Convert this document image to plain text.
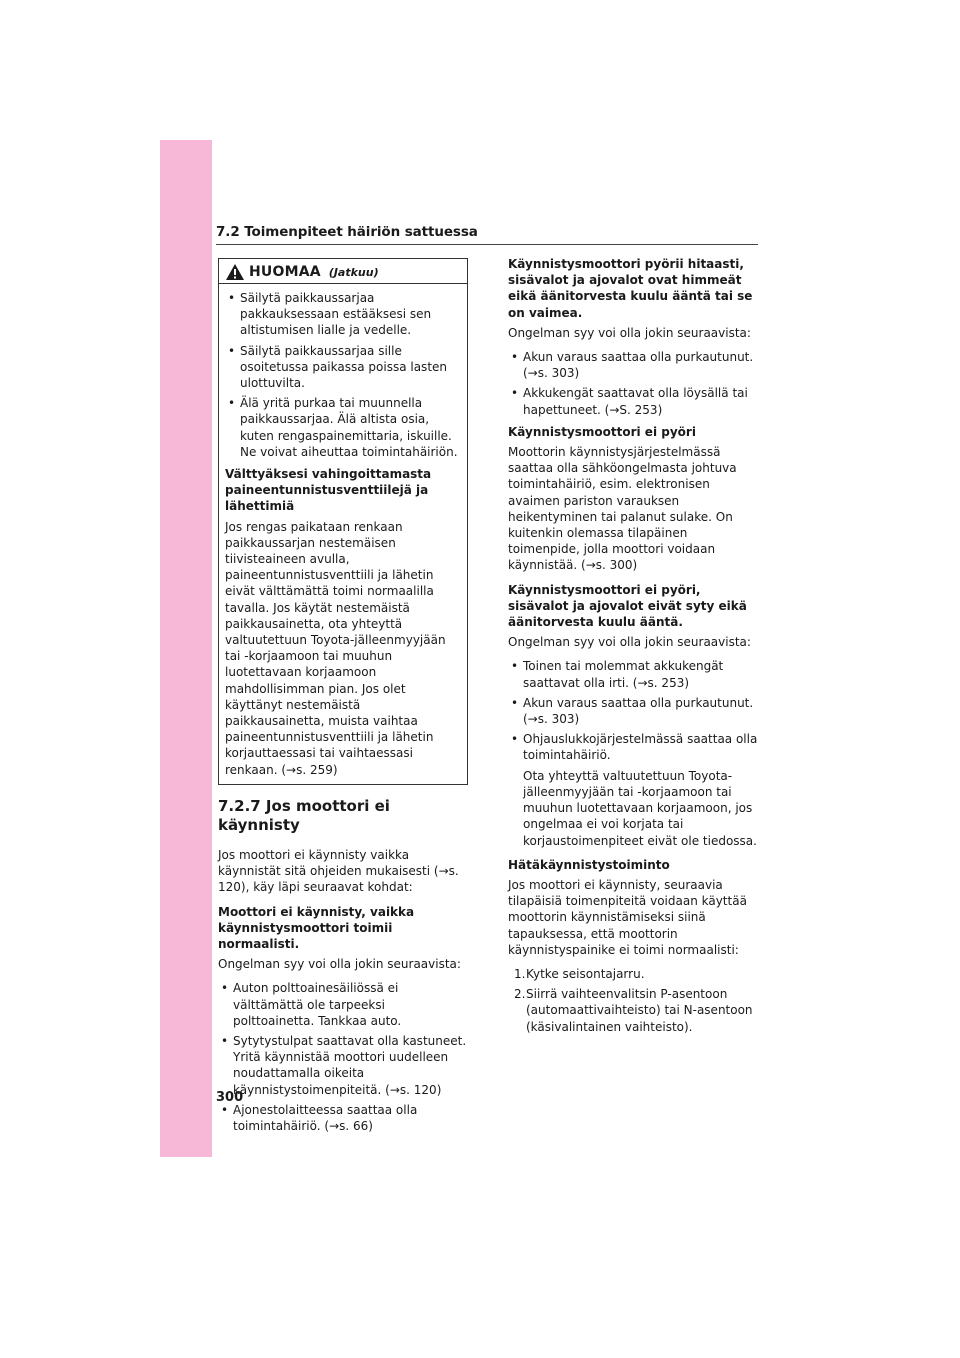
7.2 Toimenpiteet häiriön sattuessa
HUOMAA (Jatkuu)
• Säilytä paikkaussarjaa pakkauksessaan estääksesi sen altistumisen lialle ja vedelle.
• Säilytä paikkaussarjaa sille osoitetussa paikassa poissa lasten ulottuvilta.
• Älä yritä purkaa tai muunnella paikkaussarjaa. Älä altista osia, kuten rengaspainemittaria, iskuille. Ne voivat aiheuttaa toimintahäiriön.

Välttyäksesi vahingoittamasta paineentunnistusventtiilejä ja lähettimiä

Jos rengas paikataan renkaan paikkaussarjan nestemäisen tiivisteaineen avulla, paineentunnistusventtiili ja lähetin eivät välttämättä toimi normaalilla tavalla. Jos käytät nestemäistä paikkausainetta, ota yhteyttä valtuutettuun Toyota-jälleenmyyjään tai -korjaamoon tai muuhun luotettavaan korjaamoon mahdollisimman pian. Jos olet käyttänyt nestemäistä paikkausainetta, muista vaihtaa paineentunnistusventtiili ja lähetin korjauttaessasi tai vaihtaessasi renkaan. (→s. 259)

7.2.7 Jos moottori ei käynnisty

Jos moottori ei käynnisty vaikka käynnistät sitä ohjeiden mukaisesti (→s. 120), käy läpi seuraavat kohdat:

Moottori ei käynnisty, vaikka käynnistysmoottori toimii normaalisti.

Ongelman syy voi olla jokin seuraavista:

• Auton polttoainesäiliössä ei välttämättä ole tarpeeksi polttoainetta. Tankkaa auto.
• Sytytystulpat saattavat olla kastuneet. Yritä käynnistää moottori uudelleen noudattamalla oikeita käynnistystoimenpiteitä. (→s. 120)
• Ajonestolaitteessa saattaa olla toimintahäiriö. (→s. 66)

Käynnistysmoottori pyörii hitaasti, sisävalot ja ajovalot ovat himmeät eikä äänitorvesta kuulu ääntä tai se on vaimea.

Ongelman syy voi olla jokin seuraavista:

• Akun varaus saattaa olla purkautunut. (→s. 303)
• Akkukengät saattavat olla löysällä tai hapettuneet. (→S. 253)

Käynnistysmoottori ei pyöri

Moottorin käynnistysjärjestelmässä saattaa olla sähköongelmasta johtuva toimintahäiriö, esim. elektronisen avaimen pariston varauksen heikentyminen tai palanut sulake. On kuitenkin olemassa tilapäinen toimenpide, jolla moottori voidaan käynnistää. (→s. 300)

Käynnistysmoottori ei pyöri, sisävalot ja ajovalot eivät syty eikä äänitorvesta kuulu ääntä.

Ongelman syy voi olla jokin seuraavista:

• Toinen tai molemmat akkukengät saattavat olla irti. (→s. 253)
• Akun varaus saattaa olla purkautunut. (→s. 303)
• Ohjauslukkojärjestelmässä saattaa olla toimintahäiriö.

Ota yhteyttä valtuutettuun Toyota-jälleenmyyjään tai -korjaamoon tai muuhun luotettavaan korjaamoon, jos ongelmaa ei voi korjata tai korjaustoimenpiteet eivät ole tiedossa.

Hätäkäynnistystoiminto

Jos moottori ei käynnisty, seuraavia tilapäisiä toimenpiteitä voidaan käyttää moottorin käynnistämiseksi siinä tapauksessa, että moottorin käynnistyspainike ei toimi normaalisti:

1. Kytke seisontajarru.
2. Siirrä vaihteenvalitsin P-asentoon (automaattivaihteisto) tai N-asentoon (käsivalintainen vaihteisto).
300
